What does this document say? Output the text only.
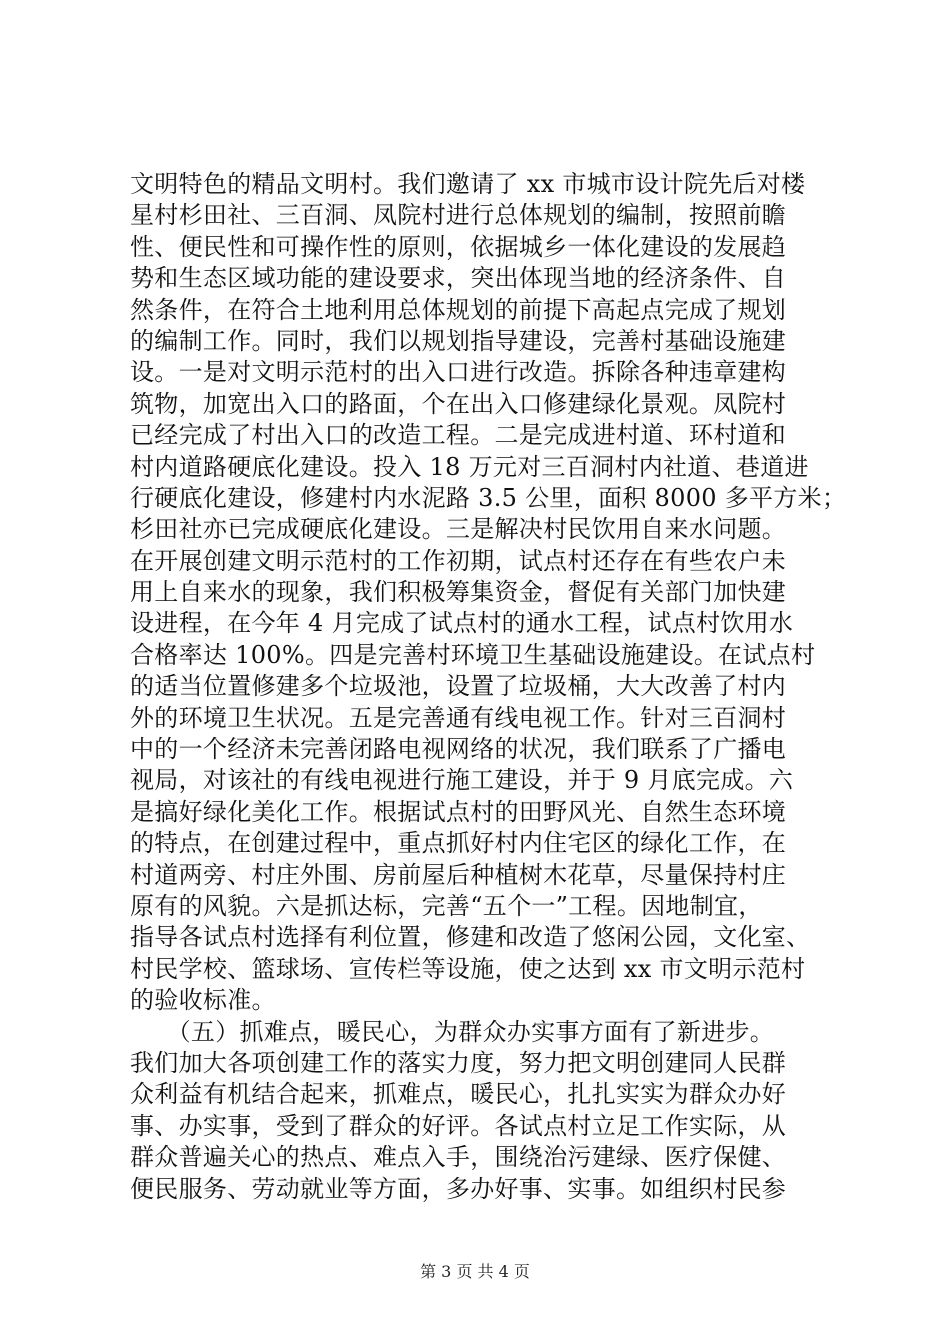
文明特色的精品文明村。我们邀请了 xx 市城市设计院先后对楼
星村杉田社、三百洞、凤院村进行总体规划的编制，按照前瞻
性、便民性和可操作性的原则，依据城乡一体化建设的发展趋
势和生态区域功能的建设要求，突出体现当地的经济条件、自
然条件，在符合土地利用总体规划的前提下高起点完成了规划
的编制工作。同时，我们以规划指导建设，完善村基础设施建
设。一是对文明示范村的出入口进行改造。拆除各种违章建构
筑物，加宽出入口的路面，个在出入口修建绿化景观。凤院村
已经完成了村出入口的改造工程。二是完成进村道、环村道和
村内道路硬底化建设。投入 18 万元对三百洞村内社道、巷道进
行硬底化建设，修建村内水泥路 3.5 公里，面积 8000 多平方米；
杉田社亦已完成硬底化建设。三是解决村民饮用自来水问题。
在开展创建文明示范村的工作初期，试点村还存在有些农户未
用上自来水的现象，我们积极筹集资金，督促有关部门加快建
设进程，在今年 4 月完成了试点村的通水工程，试点村饮用水
合格率达 100%。四是完善村环境卫生基础设施建设。在试点村
的适当位置修建多个垃圾池，设置了垃圾桶，大大改善了村内
外的环境卫生状况。五是完善通有线电视工作。针对三百洞村
中的一个经济未完善闭路电视网络的状况，我们联系了广播电
视局，对该社的有线电视进行施工建设，并于 9 月底完成。六
是搞好绿化美化工作。根据试点村的田野风光、自然生态环境
的特点，在创建过程中，重点抓好村内住宅区的绿化工作，在
村道两旁、村庄外围、房前屋后种植树木花草，尽量保持村庄
原有的风貌。六是抓达标，完善“五个一”工程。因地制宜，
指导各试点村选择有利位置，修建和改造了悠闲公园，文化室、
村民学校、篮球场、宣传栏等设施，使之达到 xx 市文明示范村
的验收标准。
　　（五）抓难点，暖民心，为群众办实事方面有了新进步。
我们加大各项创建工作的落实力度，努力把文明创建同人民群
众利益有机结合起来，抓难点，暖民心，扎扎实实为群众办好
事、办实事，受到了群众的好评。各试点村立足工作实际，从
群众普遍关心的热点、难点入手，围绕治污建绿、医疗保健、
便民服务、劳动就业等方面，多办好事、实事。如组织村民参
第 3 页 共 4 页
